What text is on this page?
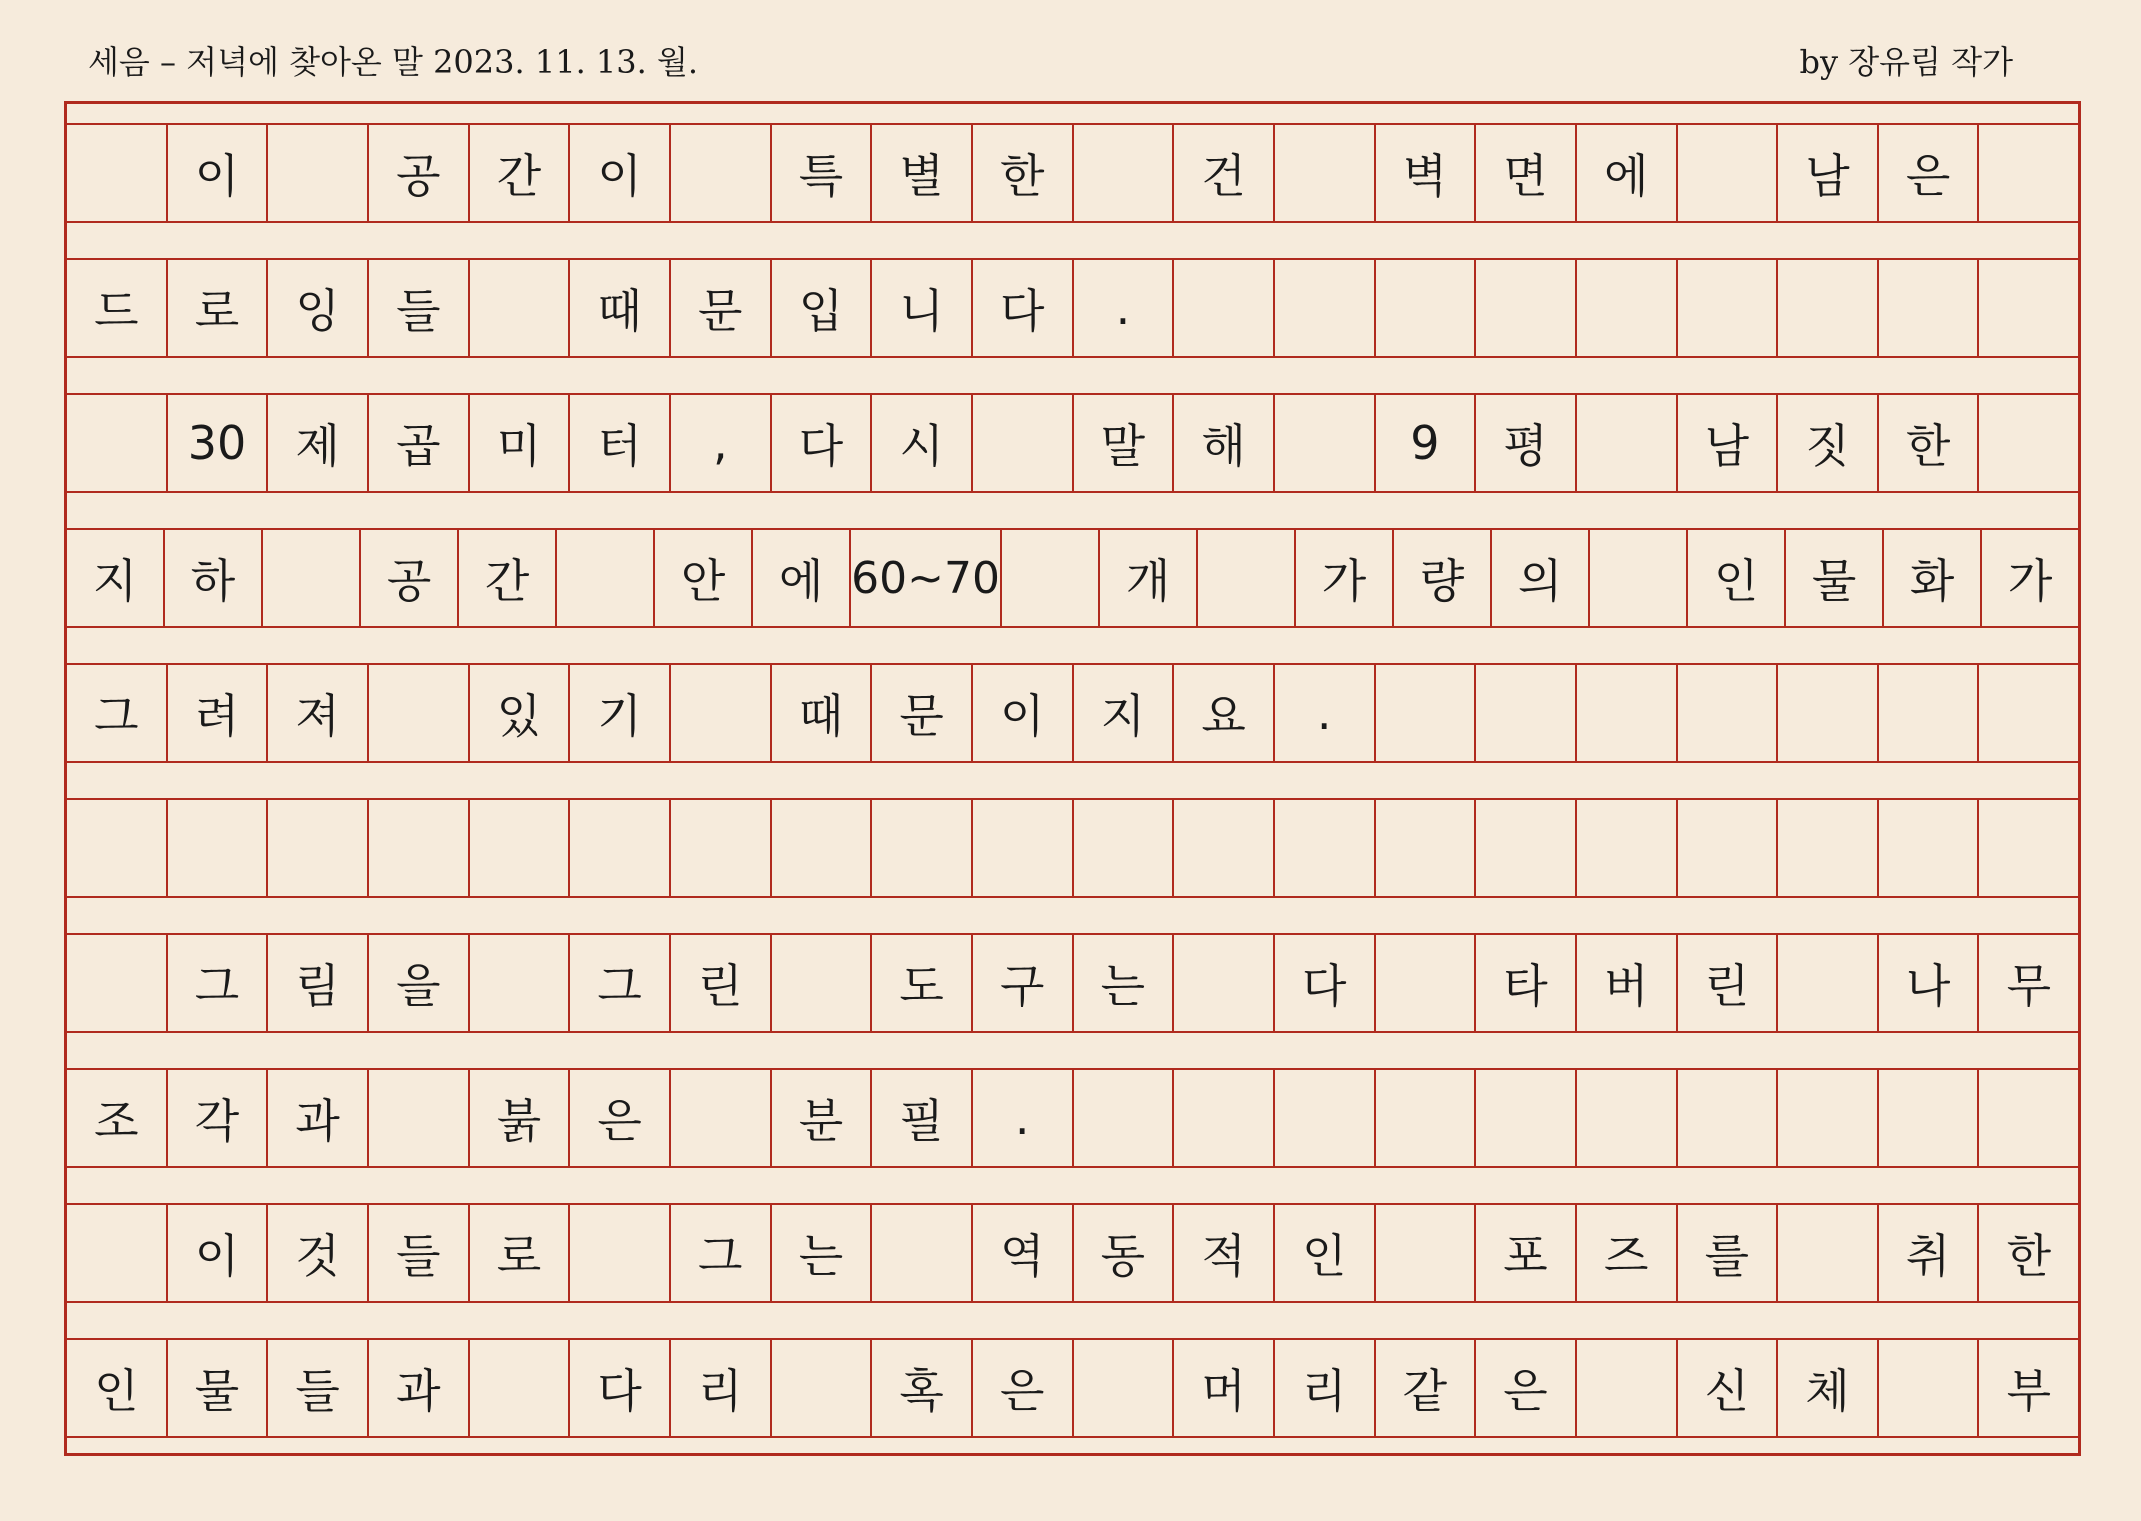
세음 – 저녁에 찾아온 말 2023. 11. 13. 월.	by 장유림 작가
이	공	간	이	특	별	한	건	벽	면	에	남	은
드	로	잉	들	때	문	입	니	다	.
30	제	곱	미	터	,	다	시	말	해	9	평	남	짓	한
지	하	공	간	안	에 60~70	개	가	량	의	인	물	화	가
그	려	져	있	기	때	문	이	지	요	.
그	림	을	그	린	도	구	는	다	타	버	린	나	무
조	각	과	붉	은	분	필	.
이	것	들	로	그	는	역	동	적	인	포	즈	를	취	한
인	물	들	과	다	리	혹	은	머	리	같	은	신	체	부
